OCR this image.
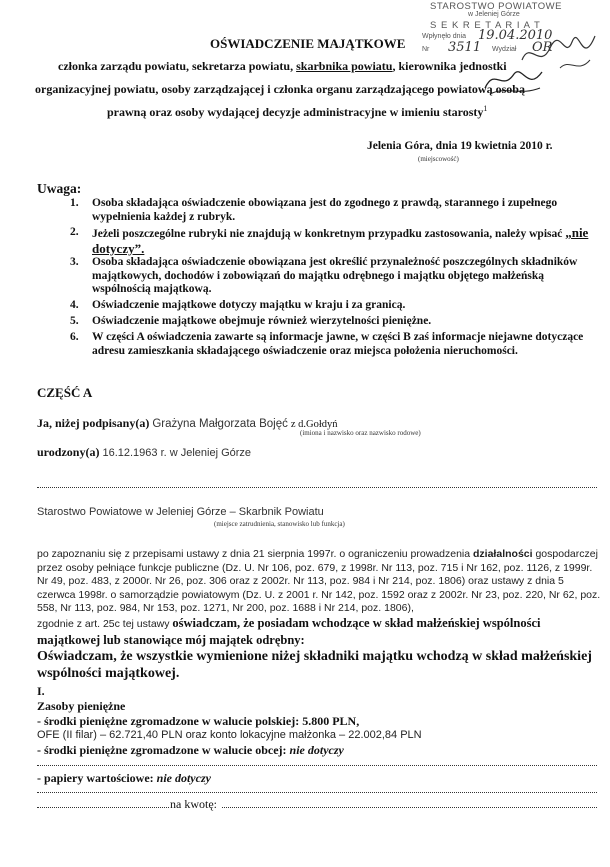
STAROSTWO POWIATOWE
w Jeleniej Górze
S E K R E T A R I A T
Wpłynęło dnia 19.04.2010
Nr 3511 Wydział OR
OŚWIADCZENIE MAJĄTKOWE
członka zarządu powiatu, sekretarza powiatu, skarbnika powiatu, kierownika jednostki
organizacyjnej powiatu, osoby zarządzającej i członka organu zarządzającego powiatową osobą
prawną oraz osoby wydającej decyzje administracyjne w imieniu starosty$^1$
Jelenia Góra, dnia 19 kwietnia 2010 r.
(miejscowość)
Uwaga:
1. Osoba składająca oświadczenie obowiązana jest do zgodnego z prawdą, starannego i zupełnego wypełnienia każdej z rubryk.
2. Jeżeli poszczególne rubryki nie znajdują w konkretnym przypadku zastosowania, należy wpisać „nie dotyczy”.
3. Osoba składająca oświadczenie obowiązana jest określić przynależność poszczególnych składników majątkowych, dochodów i zobowiązań do majątku odrębnego i majątku objętego małżeńską wspólnością majątkową.
4. Oświadczenie majątkowe dotyczy majątku w kraju i za granicą.
5. Oświadczenie majątkowe obejmuje również wierzytelności pieniężne.
6. W części A oświadczenia zawarte są informacje jawne, w części B zaś informacje niejawne dotyczące adresu zamieszkania składającego oświadczenie oraz miejsca położenia nieruchomości.
CZĘŚĆ A
Ja, niżej podpisany(a) Grażyna Małgorzata Bojęć z d.Gołdyń
(imiona i nazwisko oraz nazwisko rodowe)
urodzony(a) 16.12.1963 r. w Jeleniej Górze
Starostwo Powiatowe w Jeleniej Górze – Skarbnik Powiatu
(miejsce zatrudnienia, stanowisko lub funkcja)
po zapoznaniu się z przepisami ustawy z dnia 21 sierpnia 1997r. o ograniczeniu prowadzenia działalności gospodarczej przez osoby pełniące funkcje publiczne (Dz. U. Nr 106, poz. 679, z 1998r. Nr 113, poz. 715 i Nr 162, poz. 1126, z 1999r. Nr 49, poz. 483, z 2000r. Nr 26, poz. 306 oraz z 2002r. Nr 113, poz. 984 i Nr 214, poz. 1806) oraz ustawy z dnia 5 czerwca 1998r. o samorządzie powiatowym (Dz. U. z 2001 r. Nr 142, poz. 1592 oraz z 2002r. Nr 23, poz. 220, Nr 62, poz. 558, Nr 113, poz. 984, Nr 153, poz. 1271, Nr 200, poz. 1688 i Nr 214, poz. 1806),
zgodnie z art. 25c tej ustawy oświadczam, że posiadam wchodzące w skład małżeńskiej wspólności majątkowej lub stanowiące mój majątek odrębny:
Oświadczam, że wszystkie wymienione niżej składniki majątku wchodzą w skład małżeńskiej wspólności majątkowej.
I.
Zasoby pieniężne
- środki pieniężne zgromadzone w walucie polskiej: 5.800 PLN,
OFE (II filar) – 62.721,40 PLN oraz konto lokacyjne małżonka – 22.002,84 PLN
- środki pieniężne zgromadzone w walucie obcej: nie dotyczy
- papiery wartościowe: nie dotyczy
na kwotę:
